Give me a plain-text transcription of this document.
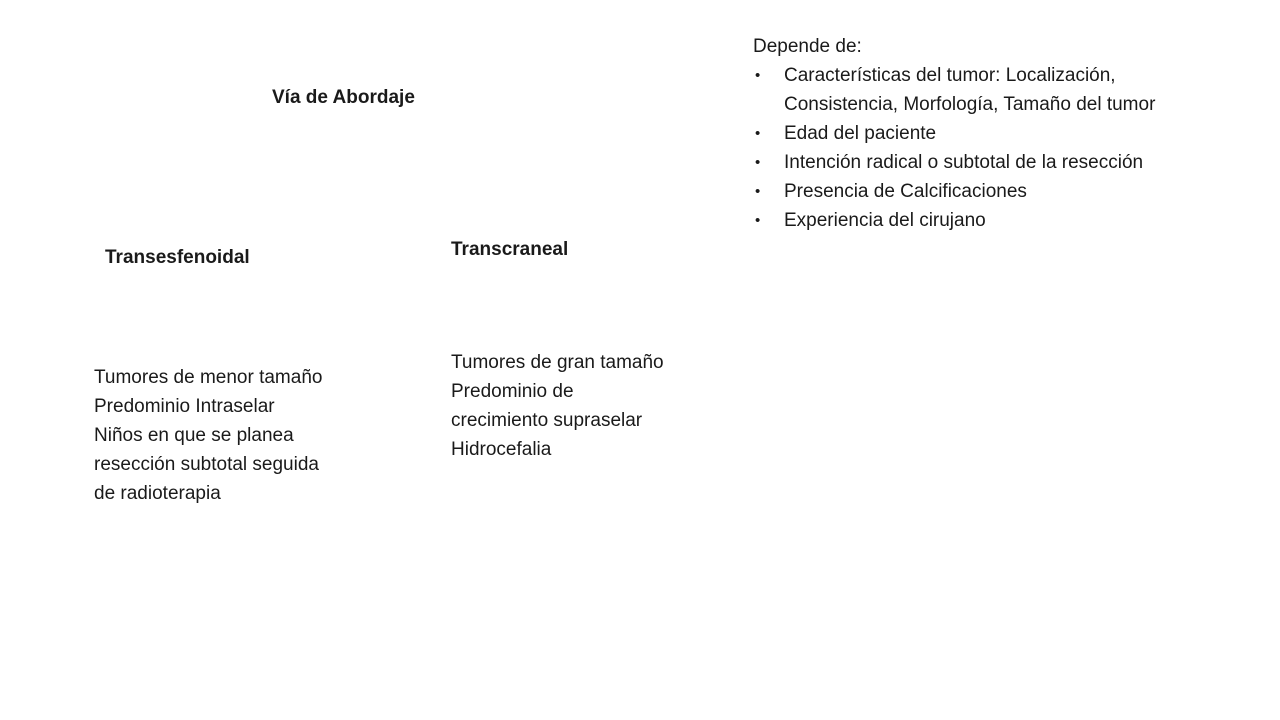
Vía de Abordaje
Transesfenoidal	Transcraneal
Tumores de menor tamaño
Predominio Intraselar
Niños en que se planea
resección subtotal seguida
de radioterapia
Tumores de gran tamaño
Predominio de
crecimiento supraselar
Hidrocefalia
Depende de:
• Características del tumor: Localización, Consistencia, Morfología, Tamaño del tumor
• Edad del paciente
• Intención radical o subtotal de la resección
• Presencia de Calcificaciones
• Experiencia del cirujano
